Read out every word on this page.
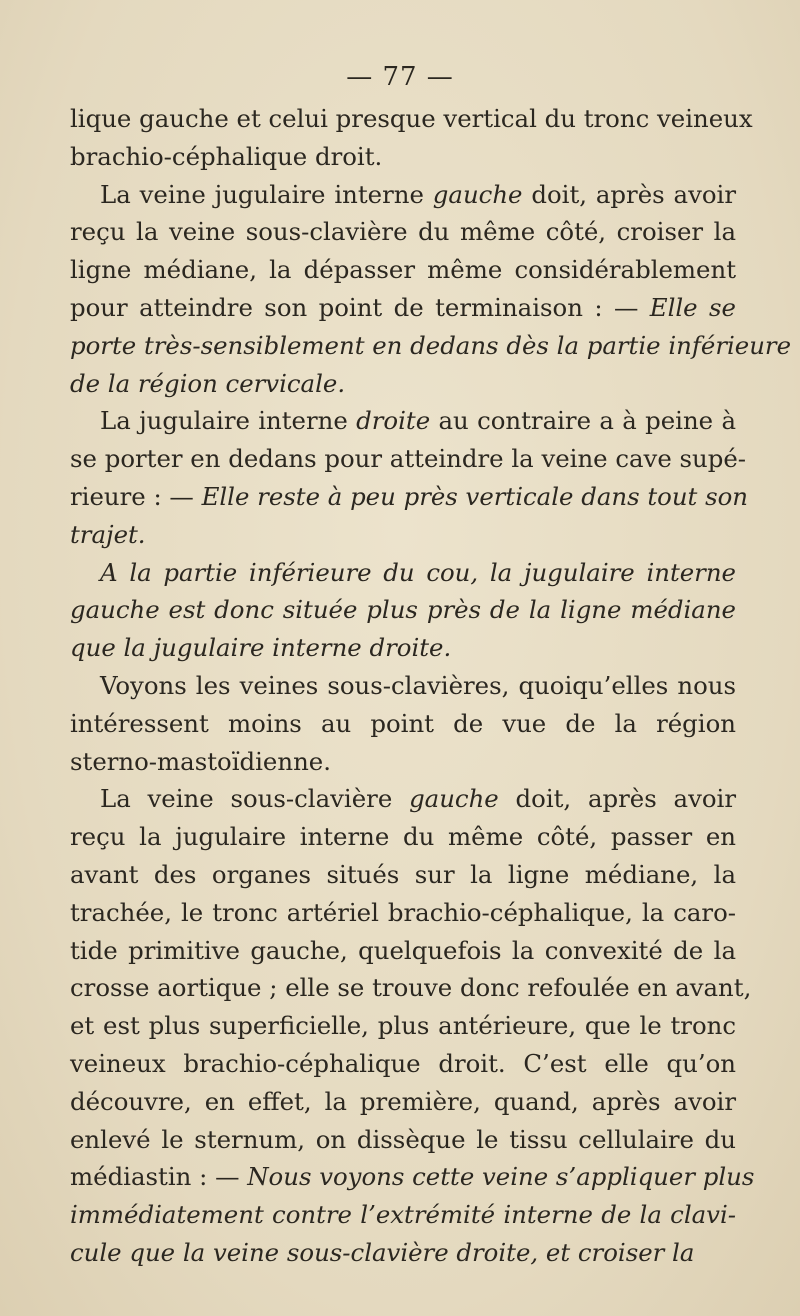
— 77 —
lique gauche et celui presque vertical du tronc veineux
brachio-céphalique droit.
La veine jugulaire interne gauche doit, après avoir
reçu la veine sous-clavière du même côté, croiser la
ligne médiane, la dépasser même considérablement
pour atteindre son point de terminaison : — Elle se
porte très-sensiblement en dedans dès la partie inférieure
de la région cervicale.
La jugulaire interne droite au contraire a à peine à
se porter en dedans pour atteindre la veine cave supé-
rieure : — Elle reste à peu près verticale dans tout son
trajet.
A la partie inférieure du cou, la jugulaire interne
gauche est donc située plus près de la ligne médiane
que la jugulaire interne droite.
Voyons les veines sous-clavières, quoiqu’elles nous
intéressent moins au point de vue de la région
sterno-mastoïdienne.
La veine sous-clavière gauche doit, après avoir
reçu la jugulaire interne du même côté, passer en
avant des organes situés sur la ligne médiane, la
trachée, le tronc artériel brachio-céphalique, la caro-
tide primitive gauche, quelquefois la convexité de la
crosse aortique ; elle se trouve donc refoulée en avant,
et est plus superficielle, plus antérieure, que le tronc
veineux brachio-céphalique droit. C’est elle qu’on
découvre, en effet, la première, quand, après avoir
enlevé le sternum, on dissèque le tissu cellulaire du
médiastin : — Nous voyons cette veine s’appliquer plus
immédiatement contre l’extrémité interne de la clavi-
cule que la veine sous-clavière droite, et croiser la
